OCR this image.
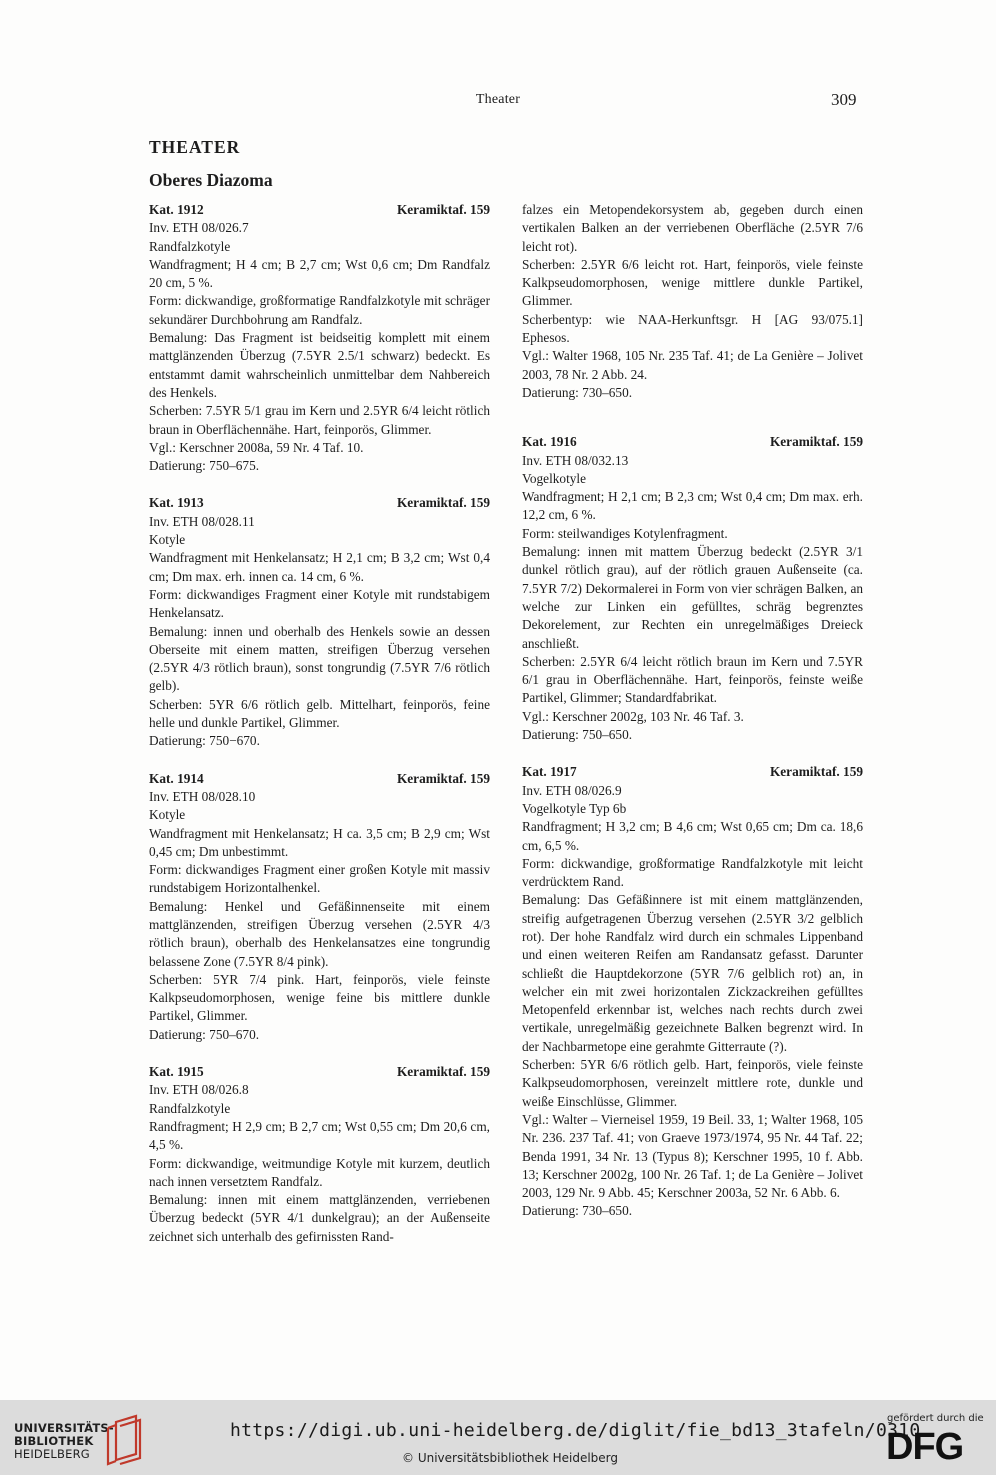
Theater	309
THEATER
Oberes Diazoma
Kat. 1912	Keramiktaf. 159

Inv. ETH 08/026.7

Randfalzkotyle

Wandfragment; H 4 cm; B 2,7 cm; Wst 0,6 cm; Dm Randfalz 20 cm, 5 %.

Form: dickwandige, großformatige Randfalzkotyle mit schräger sekundärer Durchbohrung am Randfalz.

Bemalung: Das Fragment ist beidseitig komplett mit einem mattglänzenden Überzug (7.5YR 2.5/1 schwarz) bedeckt. Es entstammt damit wahrscheinlich unmittelbar dem Nahbereich des Henkels.

Scherben: 7.5YR 5/1 grau im Kern und 2.5YR 6/4 leicht rötlich braun in Oberflächennähe. Hart, feinporös, Glimmer.

Vgl.: Kerschner 2008a, 59 Nr. 4 Taf. 10.

Datierung: 750–675.

Kat. 1913	Keramiktaf. 159

Inv. ETH 08/028.11

Kotyle

Wandfragment mit Henkelansatz; H 2,1 cm; B 3,2 cm; Wst 0,4 cm; Dm max. erh. innen ca. 14 cm, 6 %.

Form: dickwandiges Fragment einer Kotyle mit rundstabigem Henkelansatz.

Bemalung: innen und oberhalb des Henkels sowie an dessen Oberseite mit einem matten, streifigen Überzug versehen (2.5YR 4/3 rötlich braun), sonst tongrundig (7.5YR 7/6 rötlich gelb).

Scherben: 5YR 6/6 rötlich gelb. Mittelhart, feinporös, feine helle und dunkle Partikel, Glimmer.

Datierung: 750−670.

Kat. 1914	Keramiktaf. 159

Inv. ETH 08/028.10

Kotyle

Wandfragment mit Henkelansatz; H ca. 3,5 cm; B 2,9 cm; Wst 0,45 cm; Dm unbestimmt.

Form: dickwandiges Fragment einer großen Kotyle mit massiv rundstabigem Horizontalhenkel.

Bemalung: Henkel und Gefäßinnenseite mit einem mattglänzenden, streifigen Überzug versehen (2.5YR 4/3 rötlich braun), oberhalb des Henkelansatzes eine tongrundig belassene Zone (7.5YR 8/4 pink).

Scherben: 5YR 7/4 pink. Hart, feinporös, viele feinste Kalkpseudomorphosen, wenige feine bis mittlere dunkle Partikel, Glimmer.

Datierung: 750–670.

Kat. 1915	Keramiktaf. 159

Inv. ETH 08/026.8

Randfalzkotyle

Randfragment; H 2,9 cm; B 2,7 cm; Wst 0,55 cm; Dm 20,6 cm, 4,5 %.

Form: dickwandige, weitmundige Kotyle mit kurzem, deutlich nach innen versetztem Randfalz.

Bemalung: innen mit einem mattglänzenden, verriebenen Überzug bedeckt (5YR 4/1 dunkelgrau); an der Außenseite zeichnet sich unterhalb des gefirnissten Rand-

falzes ein Metopendekorsystem ab, gegeben durch einen vertikalen Balken an der verriebenen Oberfläche (2.5YR 7/6 leicht rot).

Scherben: 2.5YR 6/6 leicht rot. Hart, feinporös, viele feinste Kalkpseudomorphosen, wenige mittlere dunkle Partikel, Glimmer.

Scherbentyp: wie NAA-Herkunftsgr. H [AG 93/075.1] Ephesos.

Vgl.: Walter 1968, 105 Nr. 235 Taf. 41; de La Genière – Jolivet 2003, 78 Nr. 2 Abb. 24.

Datierung: 730–650.

Kat. 1916	Keramiktaf. 159

Inv. ETH 08/032.13

Vogelkotyle

Wandfragment; H 2,1 cm; B 2,3 cm; Wst 0,4 cm; Dm max. erh. 12,2 cm, 6 %.

Form: steilwandiges Kotylenfragment.

Bemalung: innen mit mattem Überzug bedeckt (2.5YR 3/1 dunkel rötlich grau), auf der rötlich grauen Außenseite (ca. 7.5YR 7/2) Dekormalerei in Form von vier schrägen Balken, an welche zur Linken ein gefülltes, schräg begrenztes Dekorelement, zur Rechten ein unregelmäßiges Dreieck anschließt.

Scherben: 2.5YR 6/4 leicht rötlich braun im Kern und 7.5YR 6/1 grau in Oberflächennähe. Hart, feinporös, feinste weiße Partikel, Glimmer; Standardfabrikat.

Vgl.: Kerschner 2002g, 103 Nr. 46 Taf. 3.

Datierung: 750–650.

Kat. 1917	Keramiktaf. 159

Inv. ETH 08/026.9

Vogelkotyle Typ 6b

Randfragment; H 3,2 cm; B 4,6 cm; Wst 0,65 cm; Dm ca. 18,6 cm, 6,5 %.

Form: dickwandige, großformatige Randfalzkotyle mit leicht verdrücktem Rand.

Bemalung: Das Gefäßinnere ist mit einem mattglänzenden, streifig aufgetragenen Überzug versehen (2.5YR 3/2 gelblich rot). Der hohe Randfalz wird durch ein schmales Lippenband und einen weiteren Reifen am Randansatz gefasst. Darunter schließt die Hauptdekorzone (5YR 7/6 gelblich rot) an, in welcher ein mit zwei horizontalen Zickzackreihen gefülltes Metopenfeld erkennbar ist, welches nach rechts durch zwei vertikale, unregelmäßig gezeichnete Balken begrenzt wird. In der Nachbarmetope eine gerahmte Gitterraute (?).

Scherben: 5YR 6/6 rötlich gelb. Hart, feinporös, viele feinste Kalkpseudomorphosen, vereinzelt mittlere rote, dunkle und weiße Einschlüsse, Glimmer.

Vgl.: Walter – Vierneisel 1959, 19 Beil. 33, 1; Walter 1968, 105 Nr. 236. 237 Taf. 41; von Graeve 1973/1974, 95 Nr. 44 Taf. 22; Benda 1991, 34 Nr. 13 (Typus 8); Kerschner 1995, 10 f. Abb. 13; Kerschner 2002g, 100 Nr. 26 Taf. 1; de La Genière – Jolivet 2003, 129 Nr. 9 Abb. 45; Kerschner 2003a, 52 Nr. 6 Abb. 6.

Datierung: 730–650.

UNIVERSITÄTS-
BIBLIOTHEK
HEIDELBERG
https://digi.ub.uni-heidelberg.de/diglit/fie_bd13_3tafeln/0310
© Universitätsbibliothek Heidelberg
gefördert durch die
DFG
